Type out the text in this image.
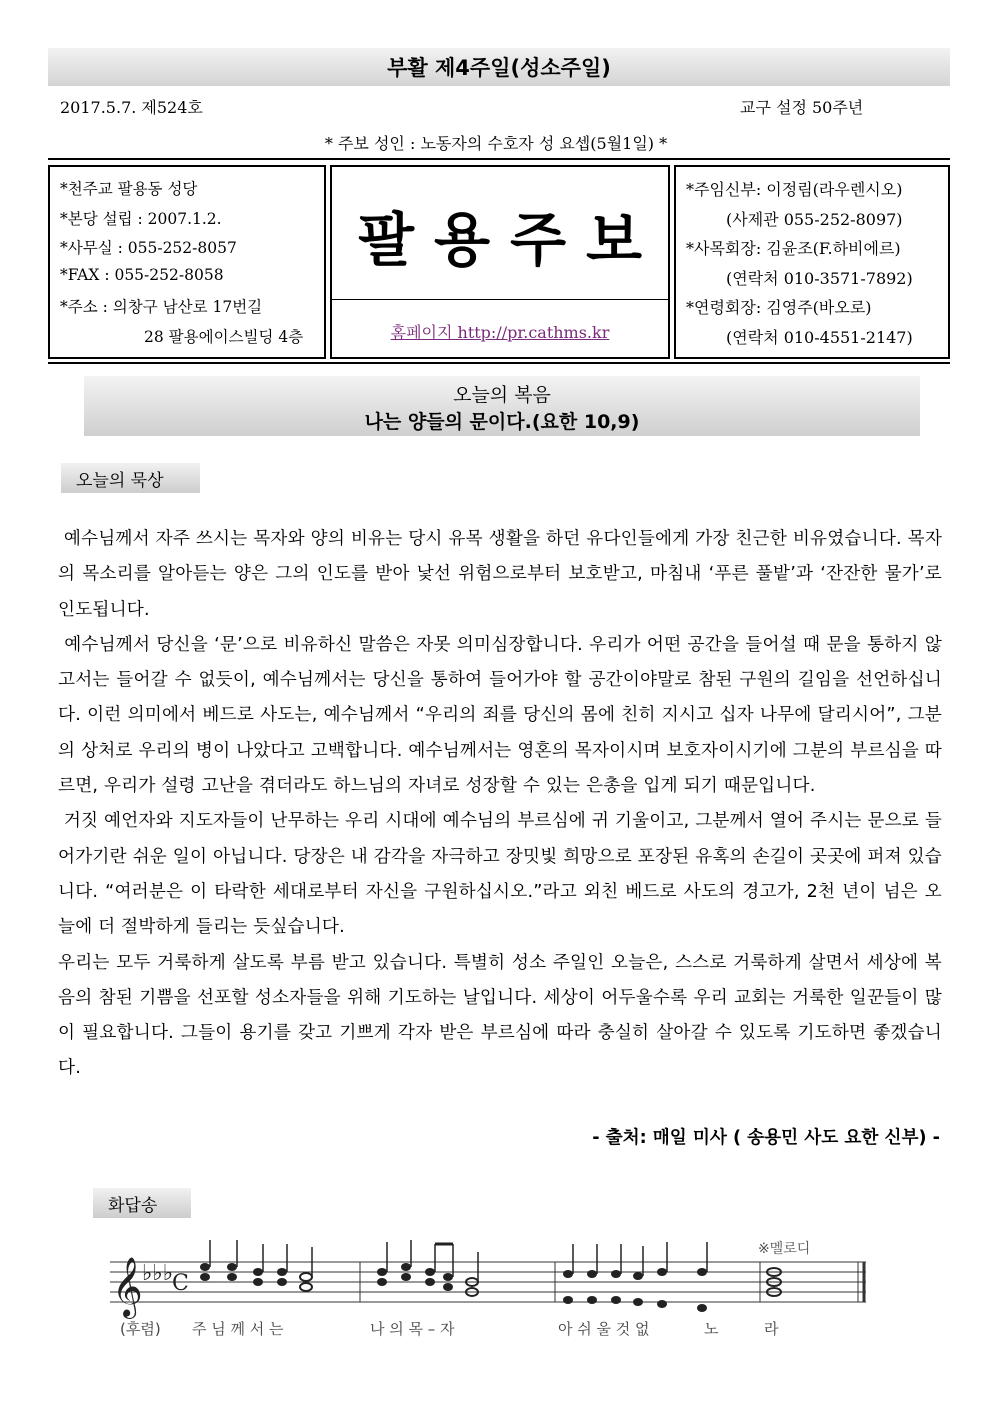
부활 제4주일(성소주일)
2017.5.7. 제524호	교구 설정 50주년
* 주보 성인 : 노동자의 수호자 성 요셉(5월1일) *
*천주교 팔용동 성당
*본당 설립 : 2007.1.2.
*사무실 : 055-252-8057
*FAX : 055-252-8058
*주소 : 의창구 남산로 17번길
28 팔용에이스빌딩 4층
팔용주보
홈페이지 http://pr.cathms.kr
*주임신부: 이정림(라우렌시오)
(사제관 055-252-8097)
*사목회장: 김윤조(F.하비에르)
(연락처 010-3571-7892)
*연령회장: 김영주(바오로)
(연락처 010-4551-2147)
오늘의 복음
나는 양들의 문이다.(요한 10,9)
오늘의 묵상

예수님께서 자주 쓰시는 목자와 양의 비유는 당시 유목 생활을 하던 유다인들에게 가장 친근한 비유였습니다. 목자의 목소리를 알아듣는 양은 그의 인도를 받아 낯선 위험으로부터 보호받고, 마침내 ‘푸른 풀밭’과 ‘잔잔한 물가’로 인도됩니다.

예수님께서 당신을 ‘문’으로 비유하신 말씀은 자못 의미심장합니다. 우리가 어떤 공간을 들어설 때 문을 통하지 않고서는 들어갈 수 없듯이, 예수님께서는 당신을 통하여 들어가야 할 공간이야말로 참된 구원의 길임을 선언하십니다. 이런 의미에서 베드로 사도는, 예수님께서 “우리의 죄를 당신의 몸에 친히 지시고 십자 나무에 달리시어”, 그분의 상처로 우리의 병이 나았다고 고백합니다. 예수님께서는 영혼의 목자이시며 보호자이시기에 그분의 부르심을 따르면, 우리가 설령 고난을 겪더라도 하느님의 자녀로 성장할 수 있는 은총을 입게 되기 때문입니다.

거짓 예언자와 지도자들이 난무하는 우리 시대에 예수님의 부르심에 귀 기울이고, 그분께서 열어 주시는 문으로 들어가기란 쉬운 일이 아닙니다. 당장은 내 감각을 자극하고 장밋빛 희망으로 포장된 유혹의 손길이 곳곳에 퍼져 있습니다. “여러분은 이 타락한 세대로부터 자신을 구원하십시오.”라고 외친 베드로 사도의 경고가, 2천 년이 넘은 오늘에 더 절박하게 들리는 듯싶습니다.

우리는 모두 거룩하게 살도록 부름 받고 있습니다. 특별히 성소 주일인 오늘은, 스스로 거룩하게 살면서 세상에 복음의 참된 기쁨을 선포할 성소자들을 위해 기도하는 날입니다. 세상이 어두울수록 우리 교회는 거룩한 일꾼들이 많이 필요합니다. 그들이 용기를 갖고 기쁘게 각자 받은 부르심에 따라 충실히 살아갈 수 있도록 기도하면 좋겠습니다.

- 출처: 매일 미사 ( 송용민 사도 요한 신부) -
화답송
※멜로디
𝄞 ♭♭♭
C
(후렴) 주 님 께 서 는	나 의 목 – 자	아 쉬 울 것 없	노	라
